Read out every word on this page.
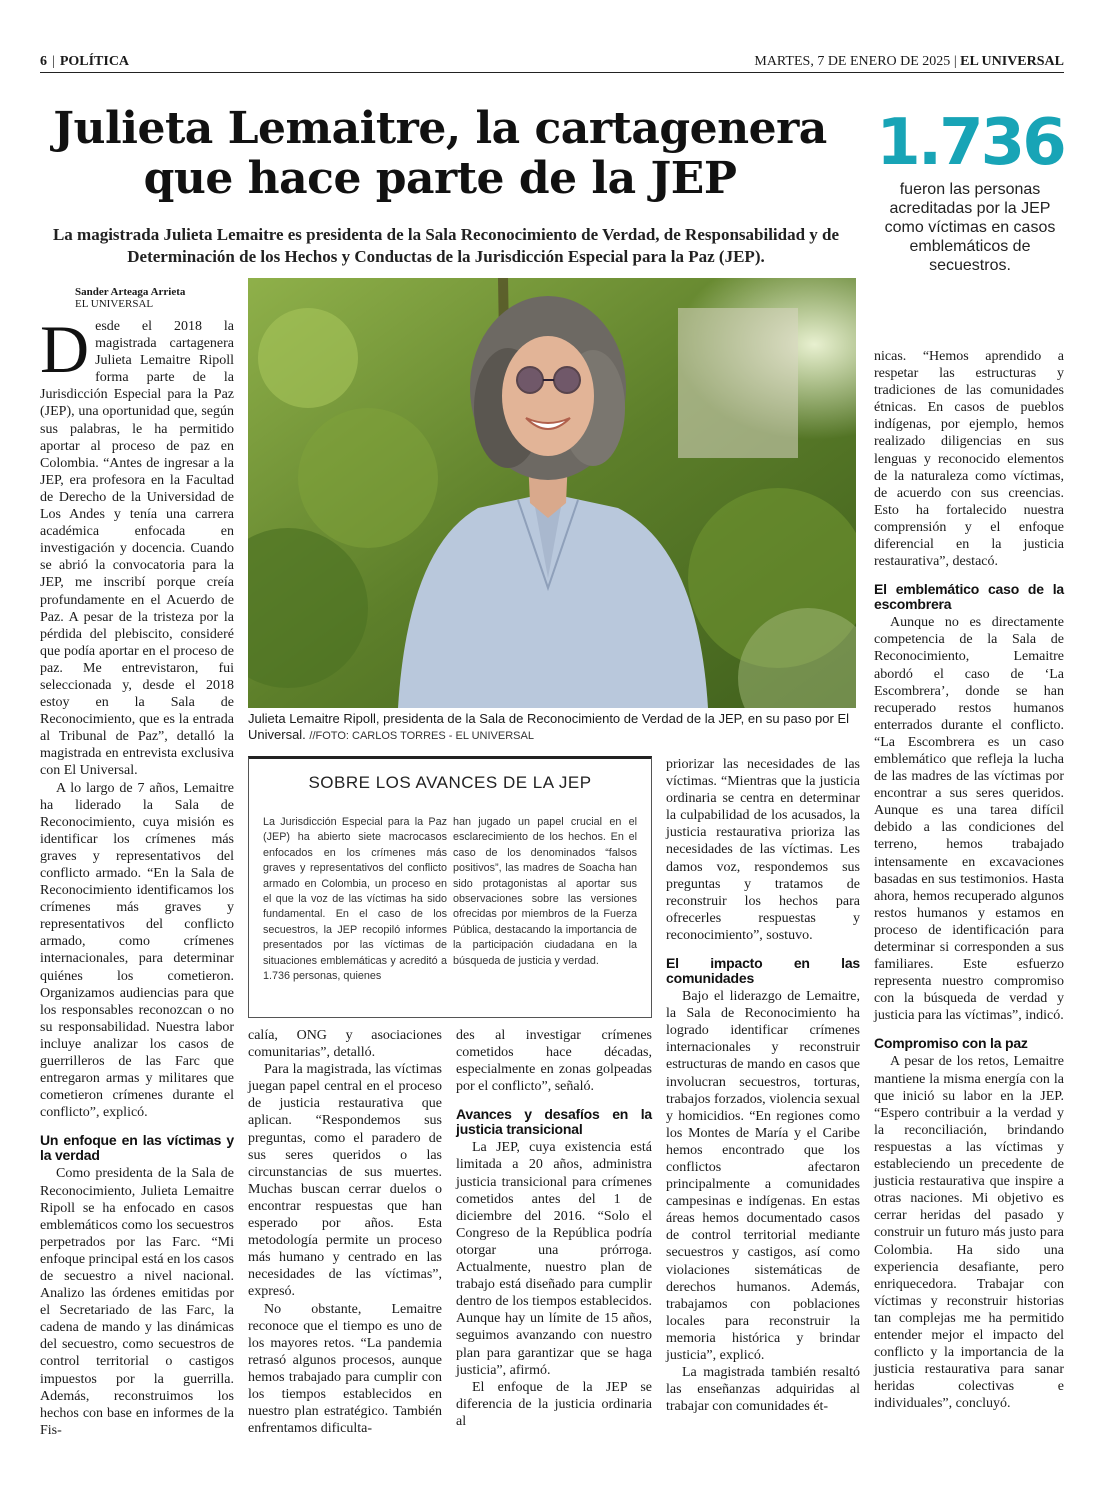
6 | POLÍTICA	MARTES, 7 DE ENERO DE 2025 | EL UNIVERSAL
Julieta Lemaitre, la cartagenera que hace parte de la JEP
La magistrada Julieta Lemaitre es presidenta de la Sala Reconocimiento de Verdad, de Responsabilidad y de Determinación de los Hechos y Conductas de la Jurisdicción Especial para la Paz (JEP).
1.736
fueron las personas acreditadas por la JEP como víctimas en casos emblemáticos de secuestros.
Sander Arteaga Arrieta
EL UNIVERSAL

Desde el 2018 la magistrada cartagenera Julieta Lemaitre Ripoll forma parte de la Jurisdicción Especial para la Paz (JEP), una oportunidad que, según sus palabras, le ha permitido aportar al proceso de paz en Colombia. “Antes de ingresar a la JEP, era profesora en la Facultad de Derecho de la Universidad de Los Andes y tenía una carrera académica enfocada en investigación y docencia. Cuando se abrió la convocatoria para la JEP, me inscribí porque creía profundamente en el Acuerdo de Paz. A pesar de la tristeza por la pérdida del plebiscito, consideré que podía aportar en el proceso de paz. Me entrevistaron, fui seleccionada y, desde el 2018 estoy en la Sala de Reconocimiento, que es la entrada al Tribunal de Paz”, detalló la magistrada en entrevista exclusiva con El Universal.

A lo largo de 7 años, Lemaitre ha liderado la Sala de Reconocimiento, cuya misión es identificar los crímenes más graves y representativos del conflicto armado. “En la Sala de Reconocimiento identificamos los crímenes más graves y representativos del conflicto armado, como crímenes internacionales, para determinar quiénes los cometieron. Organizamos audiencias para que los responsables reconozcan o no su responsabilidad. Nuestra labor incluye analizar los casos de guerrilleros de las Farc que entregaron armas y militares que cometieron crímenes durante el conflicto”, explicó.

Un enfoque en las víctimas y la verdad

Como presidenta de la Sala de Reconocimiento, Julieta Lemaitre Ripoll se ha enfocado en casos emblemáticos como los secuestros perpetrados por las Farc. “Mi enfoque principal está en los casos de secuestro a nivel nacional. Analizo las órdenes emitidas por el Secretariado de las Farc, la cadena de mando y las dinámicas del secuestro, como secuestros de control territorial o castigos impuestos por la guerrilla. Además, reconstruimos los hechos con base en informes de la Fis-

Julieta Lemaitre Ripoll, presidenta de la Sala de Reconocimiento de Verdad de la JEP, en su paso por El Universal. //FOTO: CARLOS TORRES - EL UNIVERSAL
SOBRE LOS AVANCES DE LA JEP
La Jurisdicción Especial para la Paz (JEP) ha abierto siete macrocasos enfocados en los crímenes más graves y representativos del conflicto armado en Colombia, un proceso en el que la voz de las víctimas ha sido fundamental. En el caso de los secuestros, la JEP recopiló informes presentados por las víctimas de situaciones emblemáticas y acreditó a 1.736 personas, quienes
han jugado un papel crucial en el esclarecimiento de los hechos. En el caso de los denominados “falsos positivos”, las madres de Soacha han sido protagonistas al aportar sus observaciones sobre las versiones ofrecidas por miembros de la Fuerza Pública, destacando la importancia de la participación ciudadana en la búsqueda de justicia y verdad.

calía, ONG y asociaciones comunitarias”, detalló.

Para la magistrada, las víctimas juegan papel central en el proceso de justicia restaurativa que aplican. “Respondemos sus preguntas, como el paradero de sus seres queridos o las circunstancias de sus muertes. Muchas buscan cerrar duelos o encontrar respuestas que han esperado por años. Esta metodología permite un proceso más humano y centrado en las necesidades de las víctimas”, expresó.

No obstante, Lemaitre reconoce que el tiempo es uno de los mayores retos. “La pandemia retrasó algunos procesos, aunque hemos trabajado para cumplir con los tiempos establecidos en nuestro plan estratégico. También enfrentamos dificulta-

des al investigar crímenes cometidos hace décadas, especialmente en zonas golpeadas por el conflicto”, señaló.

Avances y desafíos en la justicia transicional

La JEP, cuya existencia está limitada a 20 años, administra justicia transicional para crímenes cometidos antes del 1 de diciembre del 2016. “Solo el Congreso de la República podría otorgar una prórroga. Actualmente, nuestro plan de trabajo está diseñado para cumplir dentro de los tiempos establecidos. Aunque hay un límite de 15 años, seguimos avanzando con nuestro plan para garantizar que se haga justicia”, afirmó.

El enfoque de la JEP se diferencia de la justicia ordinaria al

priorizar las necesidades de las víctimas. “Mientras que la justicia ordinaria se centra en determinar la culpabilidad de los acusados, la justicia restaurativa prioriza las necesidades de las víctimas. Les damos voz, respondemos sus preguntas y tratamos de reconstruir los hechos para ofrecerles respuestas y reconocimiento”, sostuvo.

El impacto en las comunidades

Bajo el liderazgo de Lemaitre, la Sala de Reconocimiento ha logrado identificar crímenes internacionales y reconstruir estructuras de mando en casos que involucran secuestros, torturas, trabajos forzados, violencia sexual y homicidios. “En regiones como los Montes de María y el Caribe hemos encontrado que los conflictos afectaron principalmente a comunidades campesinas e indígenas. En estas áreas hemos documentado casos de control territorial mediante secuestros y castigos, así como violaciones sistemáticas de derechos humanos. Además, trabajamos con poblaciones locales para reconstruir la memoria histórica y brindar justicia”, explicó.

La magistrada también resaltó las enseñanzas adquiridas al trabajar con comunidades ét-

nicas. “Hemos aprendido a respetar las estructuras y tradiciones de las comunidades étnicas. En casos de pueblos indígenas, por ejemplo, hemos realizado diligencias en sus lenguas y reconocido elementos de la naturaleza como víctimas, de acuerdo con sus creencias. Esto ha fortalecido nuestra comprensión y el enfoque diferencial en la justicia restaurativa”, destacó.

El emblemático caso de la escombrera

Aunque no es directamente competencia de la Sala de Reconocimiento, Lemaitre abordó el caso de ‘La Escombrera’, donde se han recuperado restos humanos enterrados durante el conflicto. “La Escombrera es un caso emblemático que refleja la lucha de las madres de las víctimas por encontrar a sus seres queridos. Aunque es una tarea difícil debido a las condiciones del terreno, hemos trabajado intensamente en excavaciones basadas en sus testimonios. Hasta ahora, hemos recuperado algunos restos humanos y estamos en proceso de identificación para determinar si corresponden a sus familiares. Este esfuerzo representa nuestro compromiso con la búsqueda de verdad y justicia para las víctimas”, indicó.

Compromiso con la paz

A pesar de los retos, Lemaitre mantiene la misma energía con la que inició su labor en la JEP. “Espero contribuir a la verdad y la reconciliación, brindando respuestas a las víctimas y estableciendo un precedente de justicia restaurativa que inspire a otras naciones. Mi objetivo es cerrar heridas del pasado y construir un futuro más justo para Colombia. Ha sido una experiencia desafiante, pero enriquecedora. Trabajar con víctimas y reconstruir historias tan complejas me ha permitido entender mejor el impacto del conflicto y la importancia de la justicia restaurativa para sanar heridas colectivas e individuales”, concluyó.
